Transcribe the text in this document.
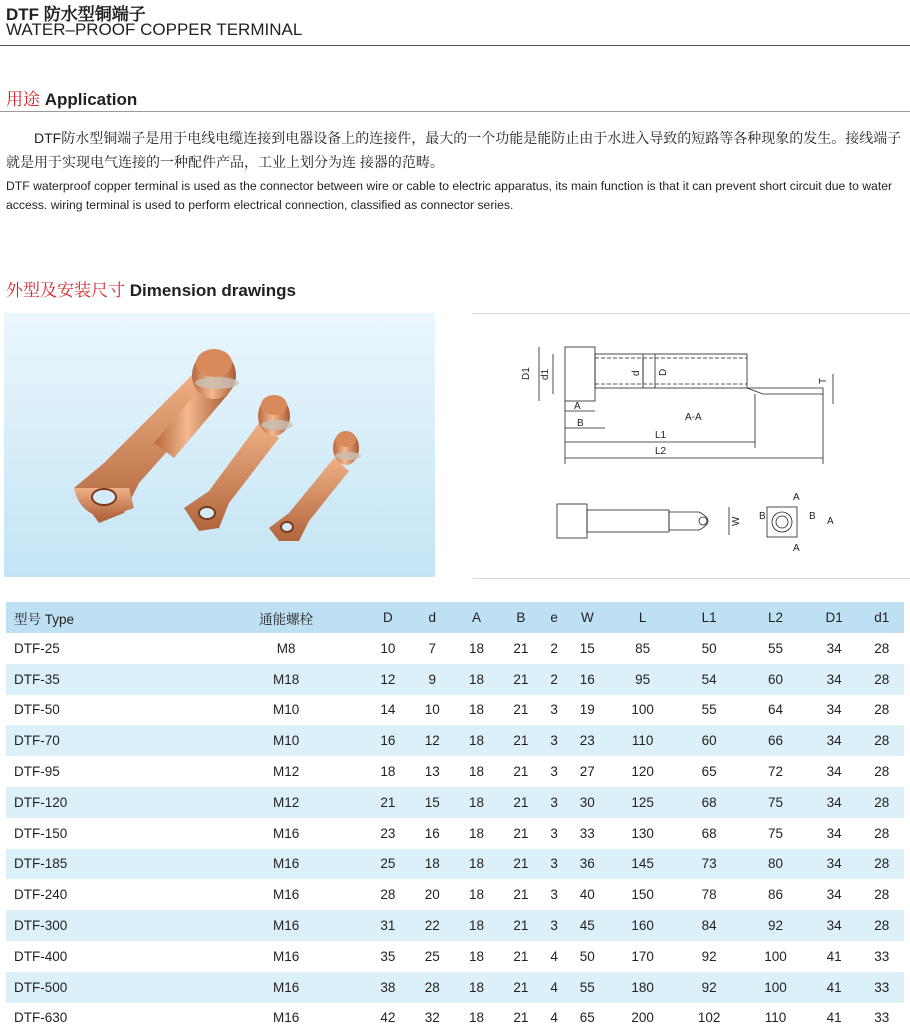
DTF 防水型铜端子
WATER–PROOF COPPER TERMINAL
用途 Application
DTF防水型铜端子是用于电线电缆连接到电器设备上的连接件，最大的一个功能是能防止由于水进入导致的短路等各种现象的发生。接线端子就是用于实现电气连接的一种配件产品，工业上划分为连 接器的范畴。
DTF waterproof copper terminal is used as the connector between wire or cable to electric apparatus, its main function is that it can prevent short circuit due to water access. wiring terminal is used to perform electrical connection, classified as connector series.
外型及安装尺寸 Dimension drawings
D1 d1	d D
T
A
B
A-A
L1
L2
W B	B
A
A
A
型号 Type	通能螺栓	D	d	A	B	e	W	L	L1	L2	D1	d1
DTF-25	M8	10	7	18	21	2	15	85	50	55	34	28
DTF-35	M18	12	9	18	21	2	16	95	54	60	34	28
DTF-50	M10	14	10	18	21	3	19	100	55	64	34	28
DTF-70	M10	16	12	18	21	3	23	110	60	66	34	28
DTF-95	M12	18	13	18	21	3	27	120	65	72	34	28
DTF-120	M12	21	15	18	21	3	30	125	68	75	34	28
DTF-150	M16	23	16	18	21	3	33	130	68	75	34	28
DTF-185	M16	25	18	18	21	3	36	145	73	80	34	28
DTF-240	M16	28	20	18	21	3	40	150	78	86	34	28
DTF-300	M16	31	22	18	21	3	45	160	84	92	34	28
DTF-400	M16	35	25	18	21	4	50	170	92	100	41	33
DTF-500	M16	38	28	18	21	4	55	180	92	100	41	33
DTF-630	M16	42	32	18	21	4	65	200	102	110	41	33
